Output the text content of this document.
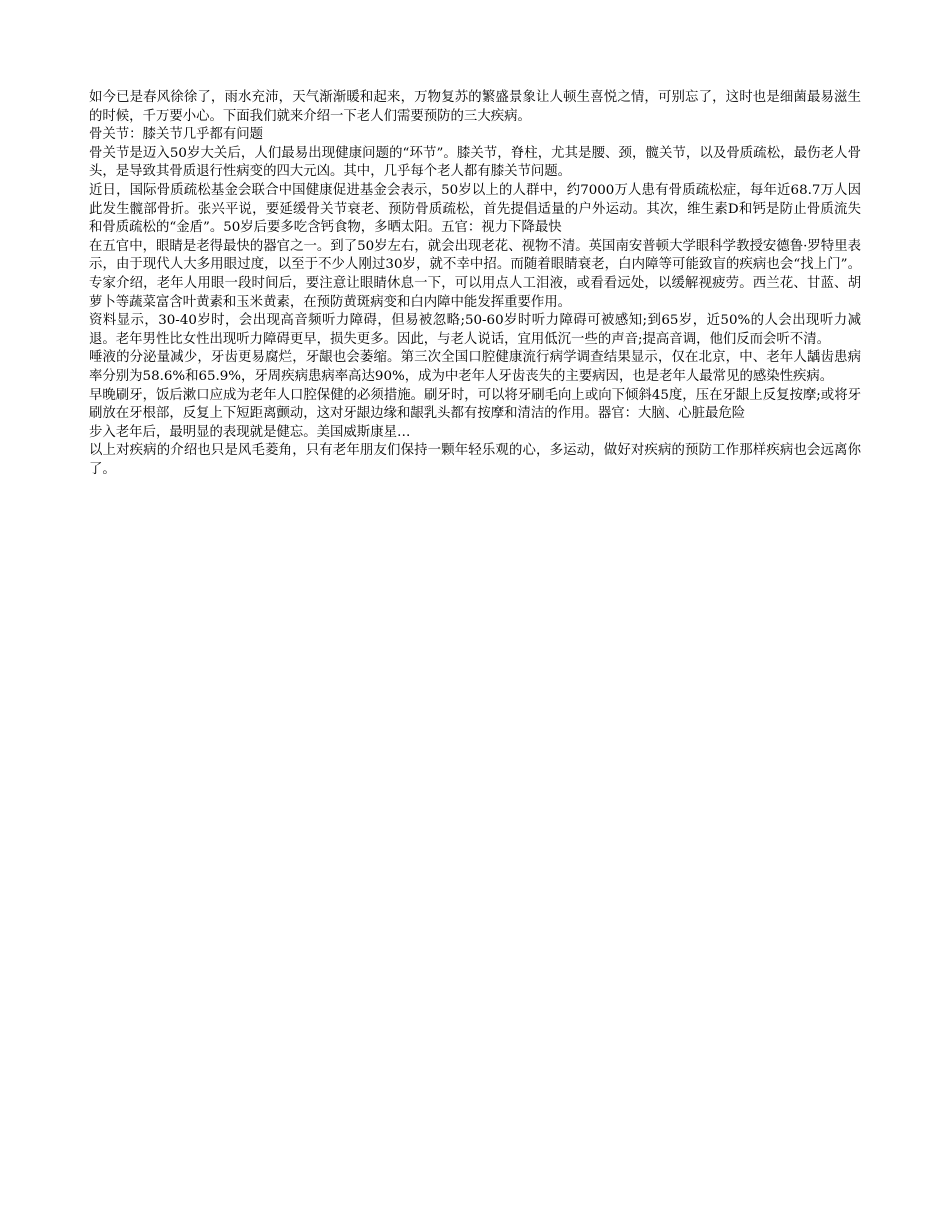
如今已是春风徐徐了，雨水充沛，天气渐渐暖和起来，万物复苏的繁盛景象让人顿生喜悦之情，可别忘了，这时也是细菌最易滋生的时候，千万要小心。下面我们就来介绍一下老人们需要预防的三大疾病。

骨关节：膝关节几乎都有问题

骨关节是迈入50岁大关后，人们最易出现健康问题的“环节”。膝关节，脊柱，尤其是腰、颈，髋关节，以及骨质疏松，最伤老人骨头，是导致其骨质退行性病变的四大元凶。其中，几乎每个老人都有膝关节问题。

近日，国际骨质疏松基金会联合中国健康促进基金会表示，50岁以上的人群中，约7000万人患有骨质疏松症，每年近68.7万人因此发生髋部骨折。张兴平说，要延缓骨关节衰老、预防骨质疏松，首先提倡适量的户外运动。其次，维生素D和钙是防止骨质流失和骨质疏松的“金盾”。50岁后要多吃含钙食物，多晒太阳。五官：视力下降最快

在五官中，眼睛是老得最快的器官之一。到了50岁左右，就会出现老花、视物不清。英国南安普顿大学眼科学教授安德鲁·罗特里表示，由于现代人大多用眼过度，以至于不少人刚过30岁，就不幸中招。而随着眼睛衰老，白内障等可能致盲的疾病也会“找上门”。专家介绍，老年人用眼一段时间后，要注意让眼睛休息一下，可以用点人工泪液，或看看远处，以缓解视疲劳。西兰花、甘蓝、胡萝卜等蔬菜富含叶黄素和玉米黄素，在预防黄斑病变和白内障中能发挥重要作用。

资料显示，30-40岁时，会出现高音频听力障碍，但易被忽略;50-60岁时听力障碍可被感知;到65岁，近50%的人会出现听力减退。老年男性比女性出现听力障碍更早，损失更多。因此，与老人说话，宜用低沉一些的声音;提高音调，他们反而会听不清。

唾液的分泌量减少，牙齿更易腐烂，牙龈也会萎缩。第三次全国口腔健康流行病学调查结果显示，仅在北京，中、老年人龋齿患病率分别为58.6%和65.9%，牙周疾病患病率高达90%，成为中老年人牙齿丧失的主要病因，也是老年人最常见的感染性疾病。

早晚刷牙，饭后漱口应成为老年人口腔保健的必须措施。刷牙时，可以将牙刷毛向上或向下倾斜45度，压在牙龈上反复按摩;或将牙刷放在牙根部，反复上下短距离颤动，这对牙龈边缘和龈乳头都有按摩和清洁的作用。器官：大脑、心脏最危险

步入老年后，最明显的表现就是健忘。美国威斯康星…

以上对疾病的介绍也只是风毛菱角，只有老年朋友们保持一颗年轻乐观的心，多运动，做好对疾病的预防工作那样疾病也会远离你了。
